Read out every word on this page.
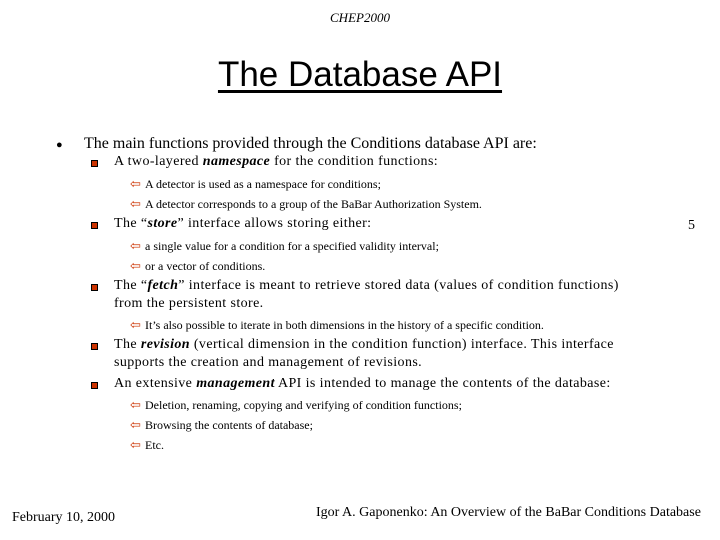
CHEP2000
The Database API
● The main functions provided through the Conditions database API are:
A two-layered namespace for the condition functions:
⇦ A detector is used as a namespace for conditions;
⇦ A detector corresponds to a group of the BaBar Authorization System.
The “store” interface allows storing either:	5
⇦ a single value for a condition for a specified validity interval;
⇦ or a vector of conditions.
The “fetch” interface is meant to retrieve stored data (values of condition functions)
from the persistent store.
⇦ It’s also possible to iterate in both dimensions in the history of a specific condition.
The revision (vertical dimension in the condition function) interface. This interface
supports the creation and management of revisions.
An extensive management API is intended to manage the contents of the database:
⇦ Deletion, renaming, copying and verifying of condition functions;
⇦ Browsing the contents of database;
⇦ Etc.
February 10, 2000	Igor A. Gaponenko: An Overview of the BaBar Conditions Database
